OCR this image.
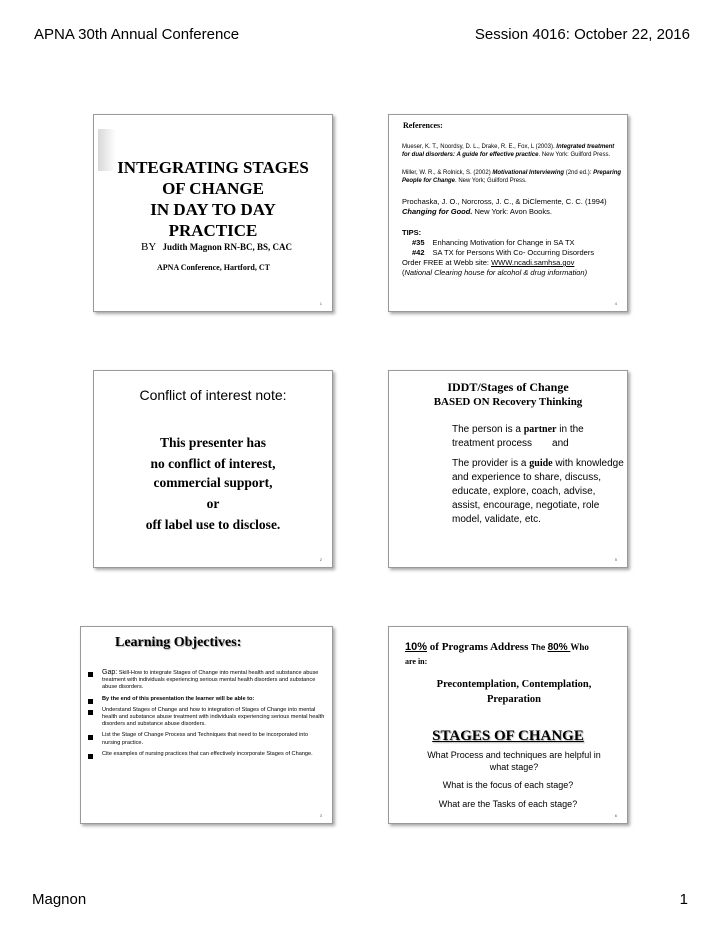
APNA 30th Annual Conference	Session 4016: October 22, 2016
INTEGRATING STAGES
OF CHANGE
IN DAY TO DAY
PRACTICE
BY Judith Magnon RN-BC, BS, CAC
APNA Conference, Hartford, CT
1
References:
Mueser, K. T., Noordsy, D. L., Drake, R. E., Fox, L (2003). Integrated treatment for dual disorders: A guide for effective practice. New York: Guilford Press.
Miller, W. R., & Rolnick, S. (2002) Motivational Interviewing (2nd ed.): Preparing People for Change. New York; Guilford Press.
Prochaska, J. O., Norcross, J. C., & DiClemente, C. C. (1994) Changing for Good. New York: Avon Books.
TIPS:
#35 Enhancing Motivation for Change in SA TX
#42 SA TX for Persons With Co- Occurring Disorders
Order FREE at Webb site: WWW.ncadi.samhsa.gov
(National Clearing house for alcohol & drug information)
4
Conflict of interest note:
This presenter has
no conflict of interest,
commercial support,
or
off label use to disclose.
2
IDDT/Stages of Change
BASED ON Recovery Thinking
The person is a partner in the treatment process and
The provider is a guide with knowledge and experience to share, discuss, educate, explore, coach, advise, assist, encourage, negotiate, role model, validate, etc.
5
Learning Objectives:
Gap: Skill-How to integrate Stages of Change into mental health and substance abuse treatment with individuals experiencing serious mental health disorders and substance abuse disorders.
By the end of this presentation the learner will be able to:
Understand Stages of Change and how to integration of Stages of Change into mental health and substance abuse treatment with individuals experiencing serious mental health disorders and substance abuse disorders.
List the Stage of Change Process and Techniques that need to be incorporated into nursing practice.
Cite examples of nursing practices that can effectively incorporate Stages of Change.
3
10% of Programs Address The 80% Who
are in:
Precontemplation, Contemplation, Preparation
STAGES OF CHANGE
What Process and techniques are helpful in what stage?
What is the focus of each stage?
What are the Tasks of each stage?
6
Magnon	1
